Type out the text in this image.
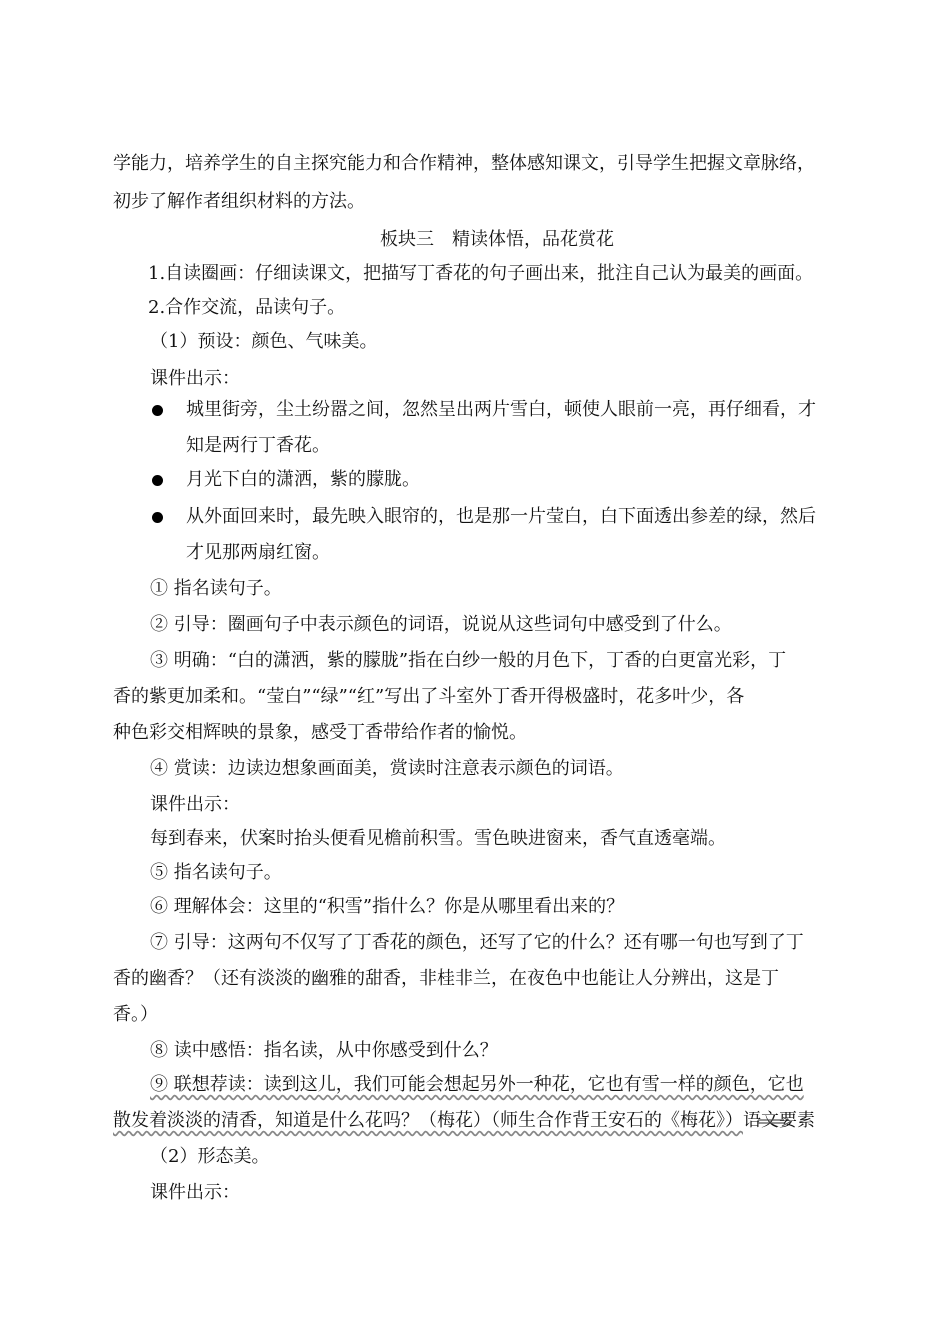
学能力，培养学生的自主探究能力和合作精神，整体感知课文，引导学生把握文章脉络，
初步了解作者组织材料的方法。
板块三　精读体悟，品花赏花
1.自读圈画：仔细读课文，把描写丁香花的句子画出来，批注自己认为最美的画面。
2.合作交流，品读句子。
（1）预设：颜色、气味美。
课件出示：
城里街旁，尘土纷嚣之间，忽然呈出两片雪白，顿使人眼前一亮，再仔细看，才
知是两行丁香花。
月光下白的潇洒，紫的朦胧。
从外面回来时，最先映入眼帘的，也是那一片莹白，白下面透出参差的绿，然后
才见那两扇红窗。
① 指名读句子。
② 引导：圈画句子中表示颜色的词语，说说从这些词句中感受到了什么。
③ 明确：“白的潇洒，紫的朦胧”指在白纱一般的月色下，丁香的白更富光彩，丁
香的紫更加柔和。“莹白”“绿”“红”写出了斗室外丁香开得极盛时，花多叶少，各
种色彩交相辉映的景象，感受丁香带给作者的愉悦。
④ 赏读：边读边想象画面美，赏读时注意表示颜色的词语。
课件出示：
每到春来，伏案时抬头便看见檐前积雪。雪色映进窗来，香气直透毫端。
⑤ 指名读句子。
⑥ 理解体会：这里的“积雪”指什么？你是从哪里看出来的？
⑦ 引导：这两句不仅写了丁香花的颜色，还写了它的什么？还有哪一句也写到了丁
香的幽香？（还有淡淡的幽雅的甜香，非桂非兰，在夜色中也能让人分辨出，这是丁
香。）
⑧ 读中感悟：指名读，从中你感受到什么？
⑨ 联想荐读：读到这儿，我们可能会想起另外一种花，它也有雪一样的颜色，它也
散发着淡淡的清香，知道是什么花吗？（梅花）（师生合作背王安石的《梅花》）语文要素
（2）形态美。
课件出示：
